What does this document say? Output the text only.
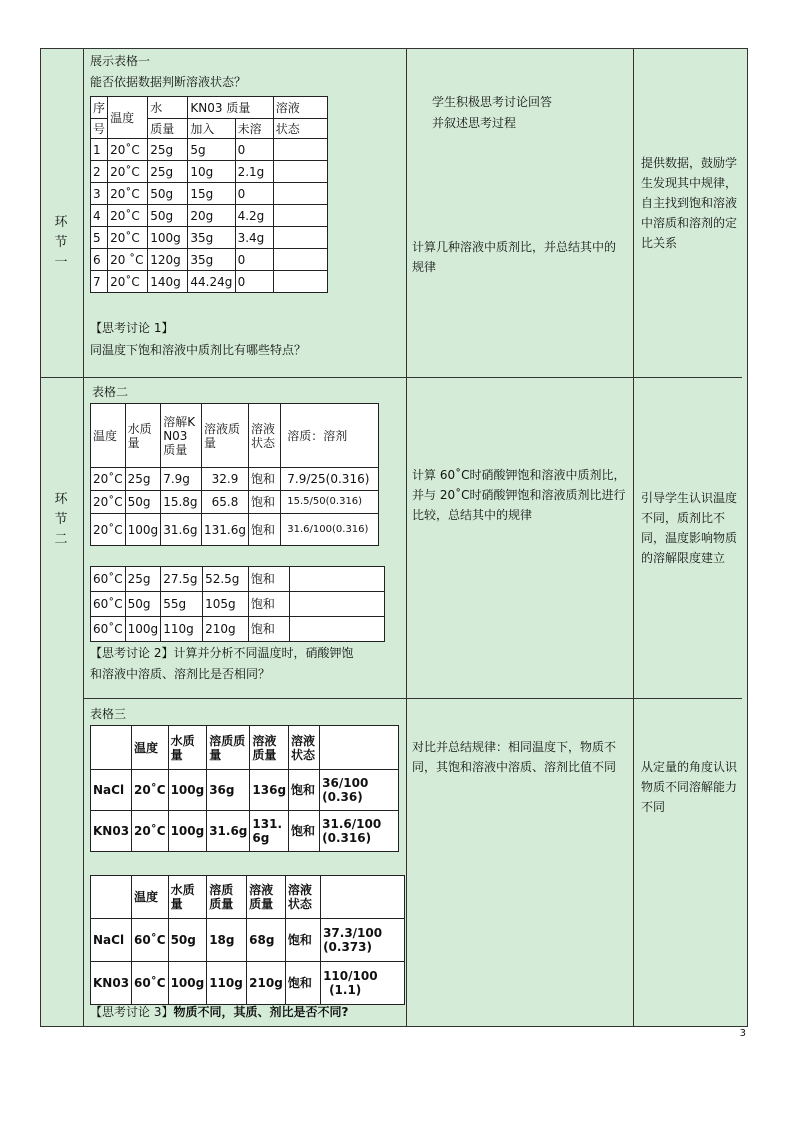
环
节
一
展示表格一
能否依据数据判断溶液状态？
序	温度	水	KN03 质量		溶液
号		质量	加入	未溶	状态
1	20˚C	25g	5g	0	
2	20˚C	25g	10g	2.1g	
3	20˚C	50g	15g	0	
4	20˚C	50g	20g	4.2g	
5	20˚C	100g	35g	3.4g	
6	20 ˚C	120g	35g	0	
7	20˚C	140g	44.24g	0	
【思考讨论 1】
同温度下饱和溶液中质剂比有哪些特点？
学生积极思考讨论回答
并叙述思考过程
计算几种溶液中质剂比，并总结其中的规律
提供数据，鼓励学生发现其中规律，自主找到饱和溶液中溶质和溶剂的定比关系
环
节
二
表格二
温度	水质量	溶解KN03质量	溶液质量	溶液状态	溶质：溶剂
20˚C	25g	7.9g	32.9	饱和	7.9/25(0.316)
20˚C	50g	15.8g	65.8	饱和	15.5/50(0.316)
20˚C	100g	31.6g	131.6g	饱和	31.6/100(0.316)
60˚C	25g	27.5g	52.5g	饱和	
60˚C	50g	55g	105g	饱和	
60˚C	100g	110g	210g	饱和	
【思考讨论 2】计算并分析不同温度时，硝酸钾饱
和溶液中溶质、溶剂比是否相同？
计算 60˚C时硝酸钾饱和溶液中质剂比，并与 20˚C时硝酸钾饱和溶液质剂比进行比较，总结其中的规律
引导学生认识温度不同，质剂比不同，温度影响物质的溶解限度建立
表格三
	温度	水质量	溶质质量	溶液质量	溶液状态	
NaCl	20˚C	100g	36g	136g	饱和	36/100
(0.36)

KN03	20˚C	100g	31.6g	131.6g	饱和	31.6/100
(0.316)
	温度	水质量	溶质质量	溶液质量	溶液状态	
NaCl	60˚C	50g	18g	68g	饱和	37.3/100
(0.373)

KN03	60˚C	100g	110g	210g	饱和	110/100
(1.1)
【思考讨论 3】物质不同，其质、剂比是否不同?
对比并总结规律：相同温度下，物质不同，其饱和溶液中溶质、溶剂比值不同	从定量的角度认识物质不同溶解能力不同
3
